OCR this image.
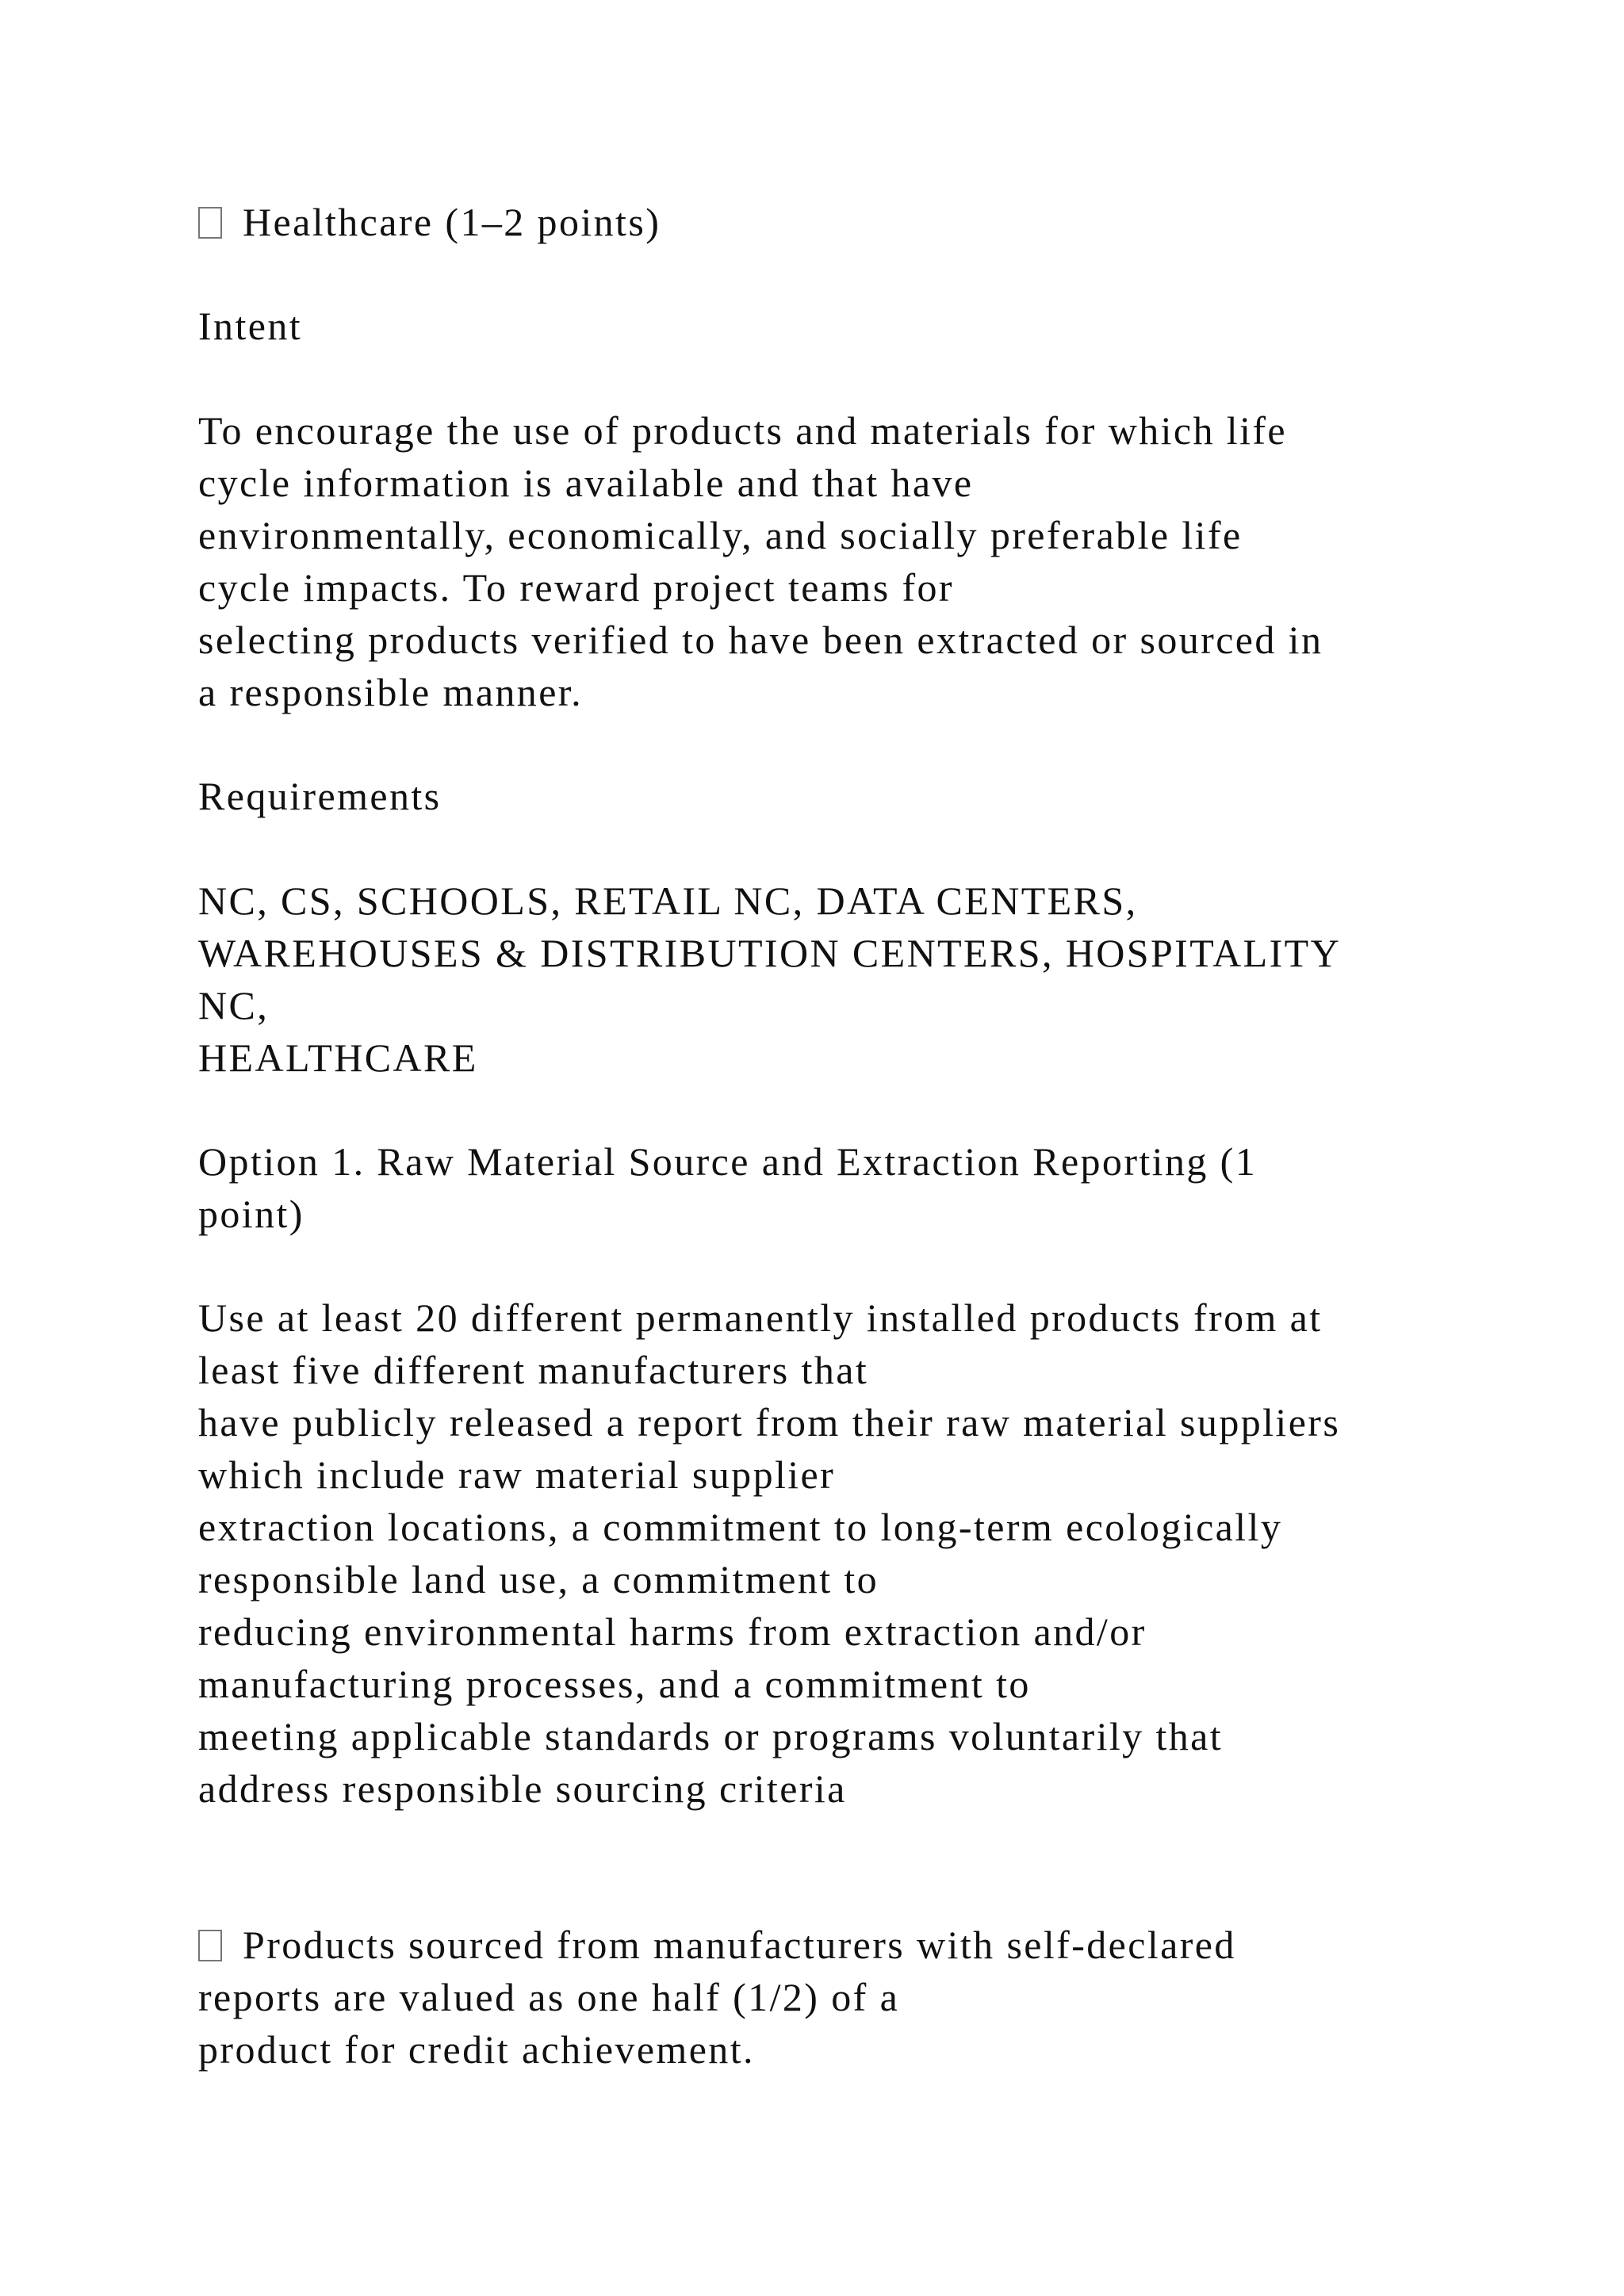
Healthcare (1–2 points)
Intent
To encourage the use of products and materials for which life
cycle information is available and that have
environmentally, economically, and socially preferable life
cycle impacts. To reward project teams for
selecting products verified to have been extracted or sourced in
a responsible manner.
Requirements
NC, CS, SCHOOLS, RETAIL NC, DATA CENTERS,
WAREHOUSES & DISTRIBUTION CENTERS, HOSPITALITY
NC,
HEALTHCARE
Option 1. Raw Material Source and Extraction Reporting (1
point)
Use at least 20 different permanently installed products from at
least five different manufacturers that
have publicly released a report from their raw material suppliers
which include raw material supplier
extraction locations, a commitment to long-term ecologically
responsible land use, a commitment to
reducing environmental harms from extraction and/or
manufacturing processes, and a commitment to
meeting applicable standards or programs voluntarily that
address responsible sourcing criteria
Products sourced from manufacturers with self-declared
reports are valued as one half (1/2) of a
product for credit achievement.
